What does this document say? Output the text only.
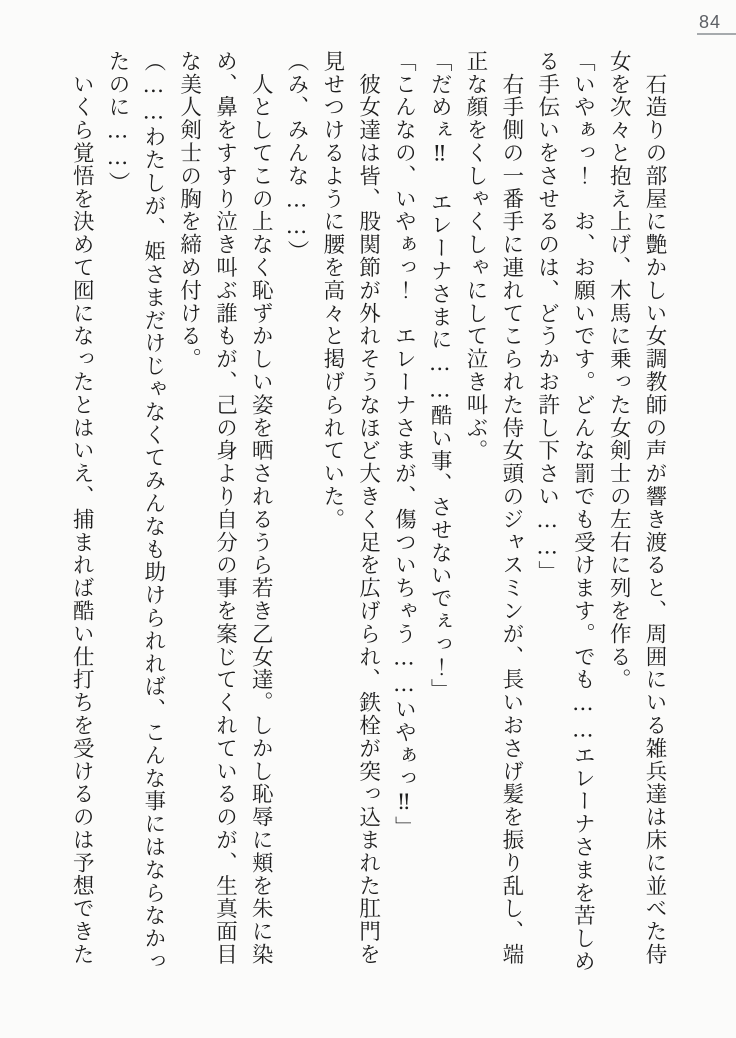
84

　石造りの部屋に艶かしい女調教師の声が響き渡ると、周囲にいる雑兵達は床に並べた侍

女を次々と抱え上げ、木馬に乗った女剣士の左右に列を作る。

「いやぁっ！　お、お願いです。どんな罰でも受けます。でも……エレーナさまを苦しめ

る手伝いをさせるのは、どうかお許し下さい……」

　右手側の一番手に連れてこられた侍女頭のジャスミンが、長いおさげ髪を振り乱し、端

正な顔をくしゃくしゃにして泣き叫ぶ。

「だめぇ‼　エレーナさまに……酷い事、させないでぇっ！」

「こんなの、いやぁっ！　エレーナさまが、傷ついちゃう……いやぁっ‼」

　彼女達は皆、股関節が外れそうなほど大きく足を広げられ、鉄栓が突っ込まれた肛門を

見せつけるように腰を高々と掲げられていた。

（み、みんな……）

　人としてこの上なく恥ずかしい姿を晒されるうら若き乙女達。しかし恥辱に頬を朱に染

め、鼻をすすり泣き叫ぶ誰もが、己の身より自分の事を案じてくれているのが、生真面目

な美人剣士の胸を締め付ける。

（……わたしが、姫さまだけじゃなくてみんなも助けられれば、こんな事にはならなかっ

たのに……）

　いくら覚悟を決めて囮になったとはいえ、捕まれば酷い仕打ちを受けるのは予想できた
